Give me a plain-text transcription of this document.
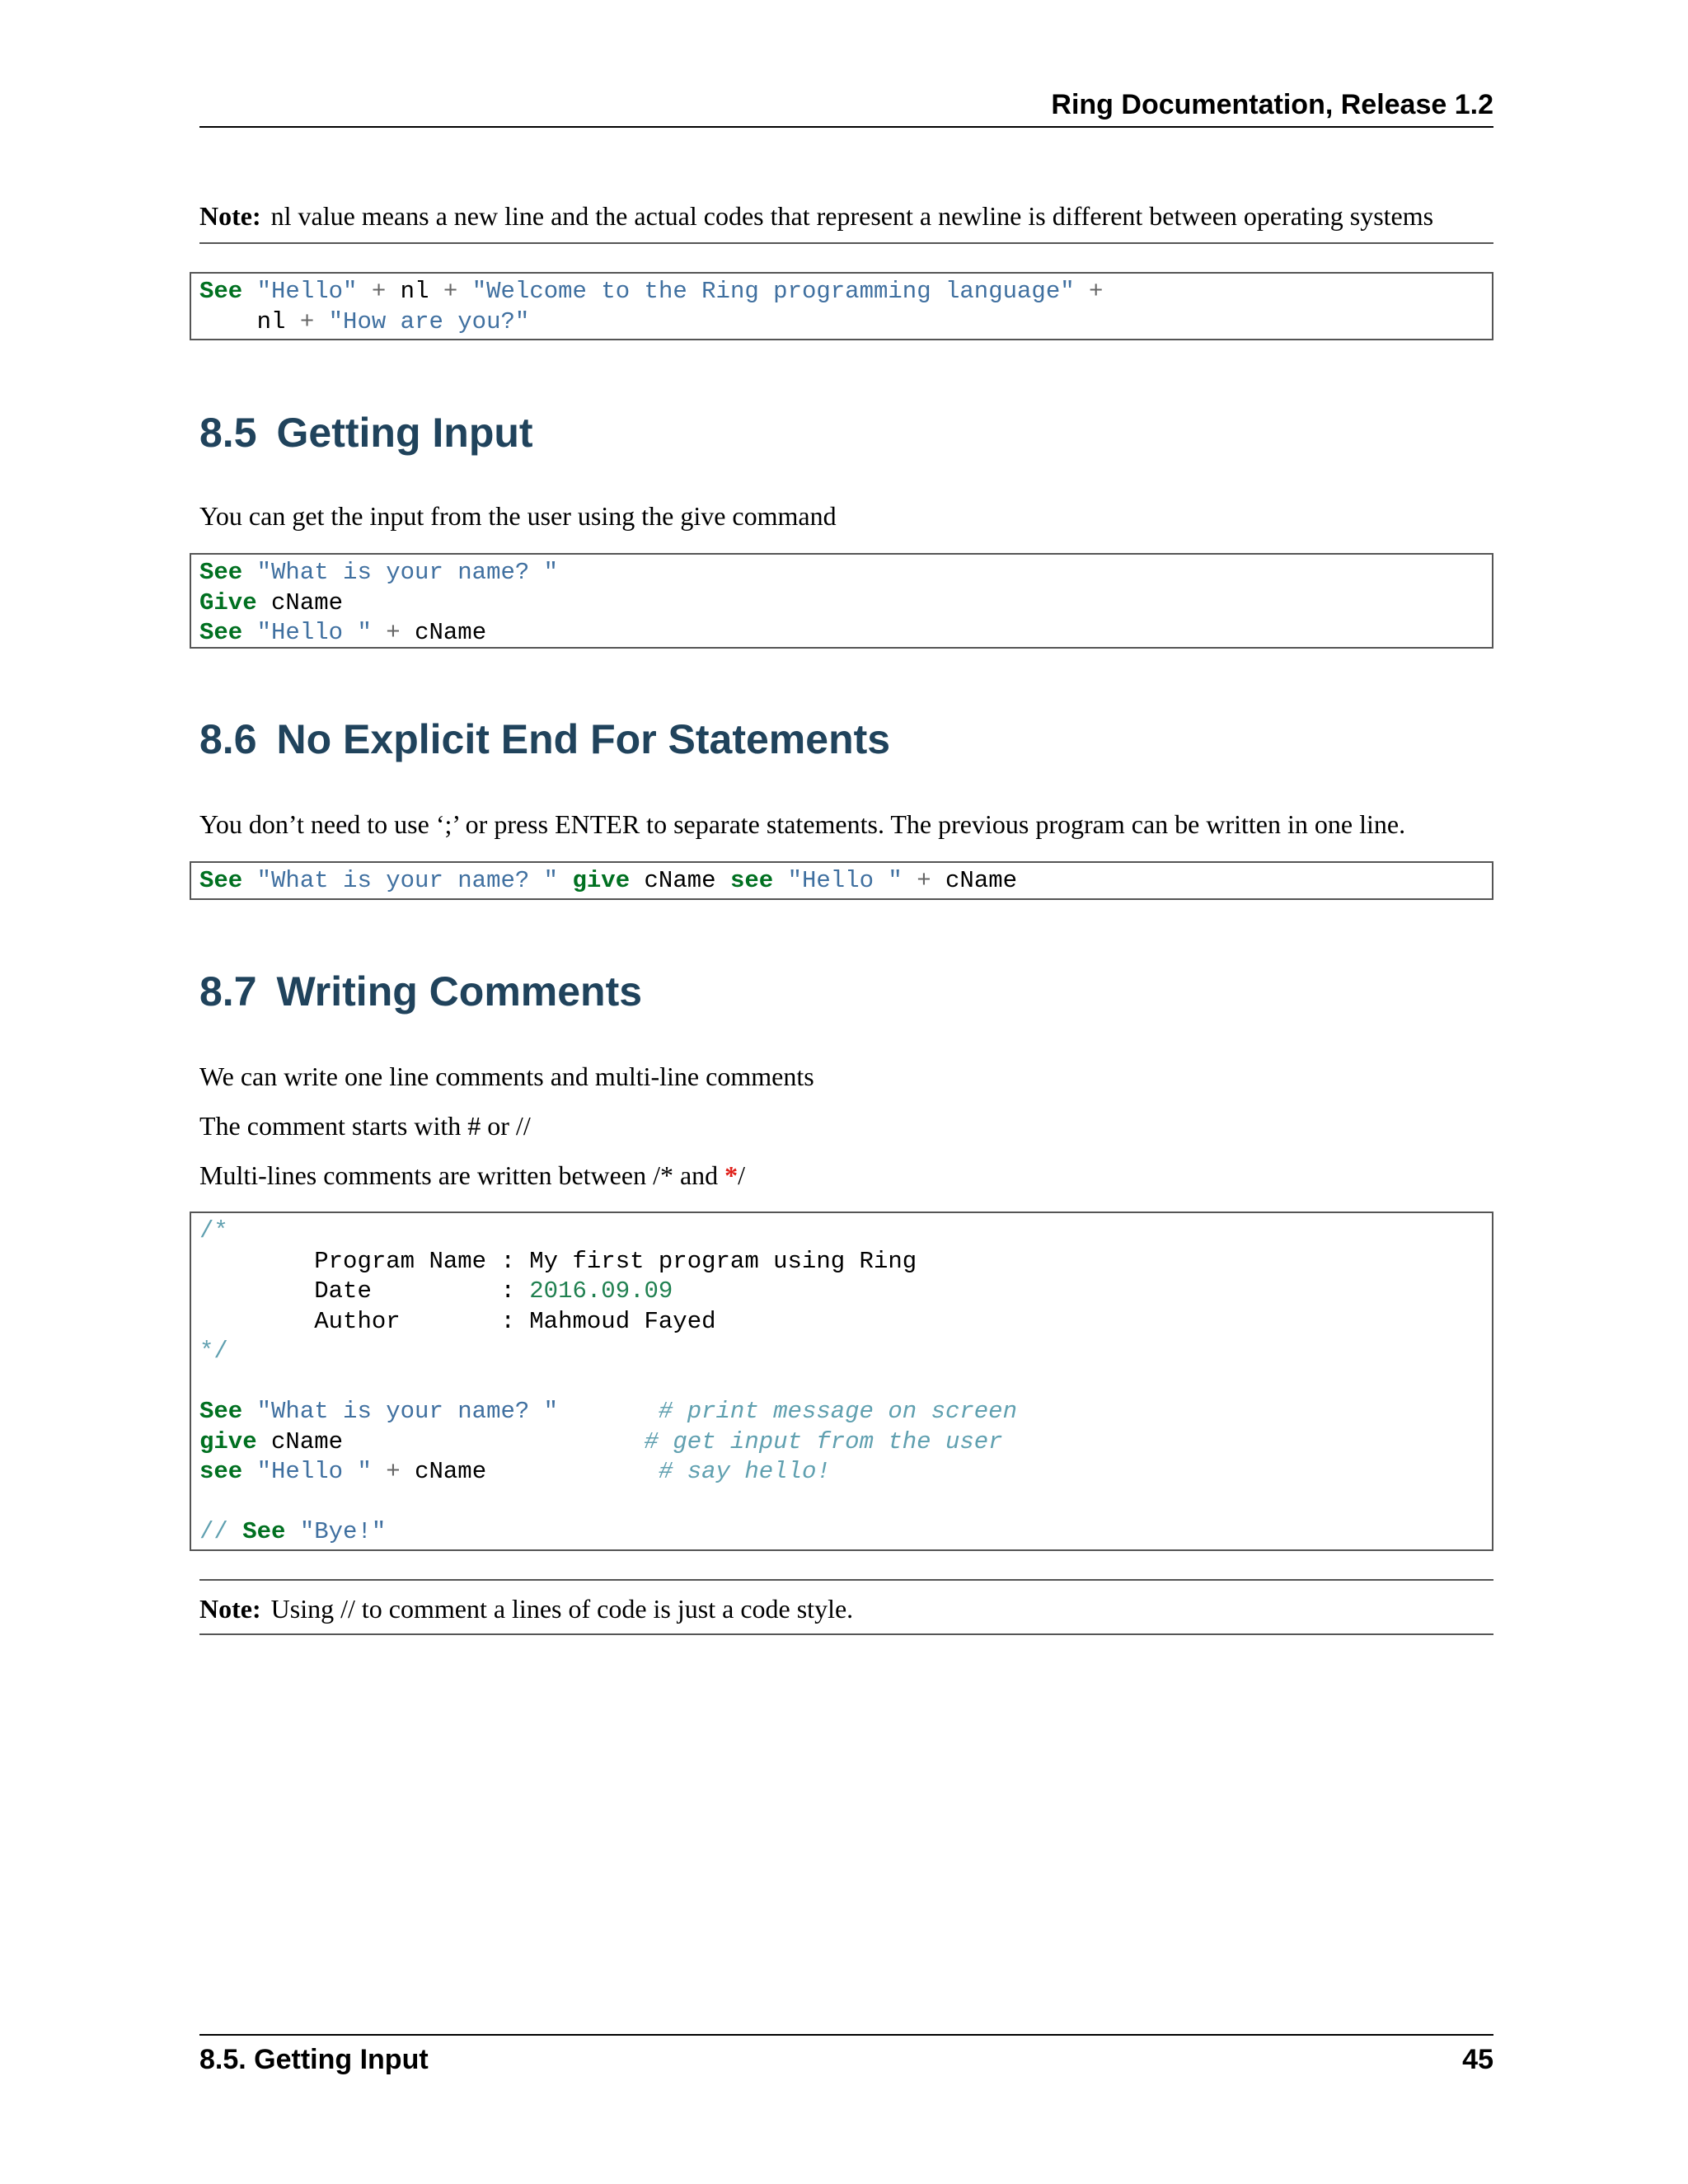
Ring Documentation, Release 1.2
Note: nl value means a new line and the actual codes that represent a newline is different between operating systems
See "Hello" + nl + "Welcome to the Ring programming language" +
nl + "How are you?"
8.5 Getting Input
You can get the input from the user using the give command
See "What is your name? "
Give cName
See "Hello " + cName
8.6 No Explicit End For Statements
You don’t need to use ‘;’ or press ENTER to separate statements. The previous program can be written in one line.
See "What is your name? " give cName see "Hello " + cName
8.7 Writing Comments
We can write one line comments and multi-line comments
The comment starts with # or //
Multi-lines comments are written between /* and */
/*
Program Name : My first program using Ring
Date         : 2016.09.09
Author       : Mahmoud Fayed
*/

See "What is your name? "	# print message on screen
give cName	# get input from the user
see "Hello " + cName	# say hello!

// See "Bye!"
Note: Using // to comment a lines of code is just a code style.
8.5. Getting Input	45
